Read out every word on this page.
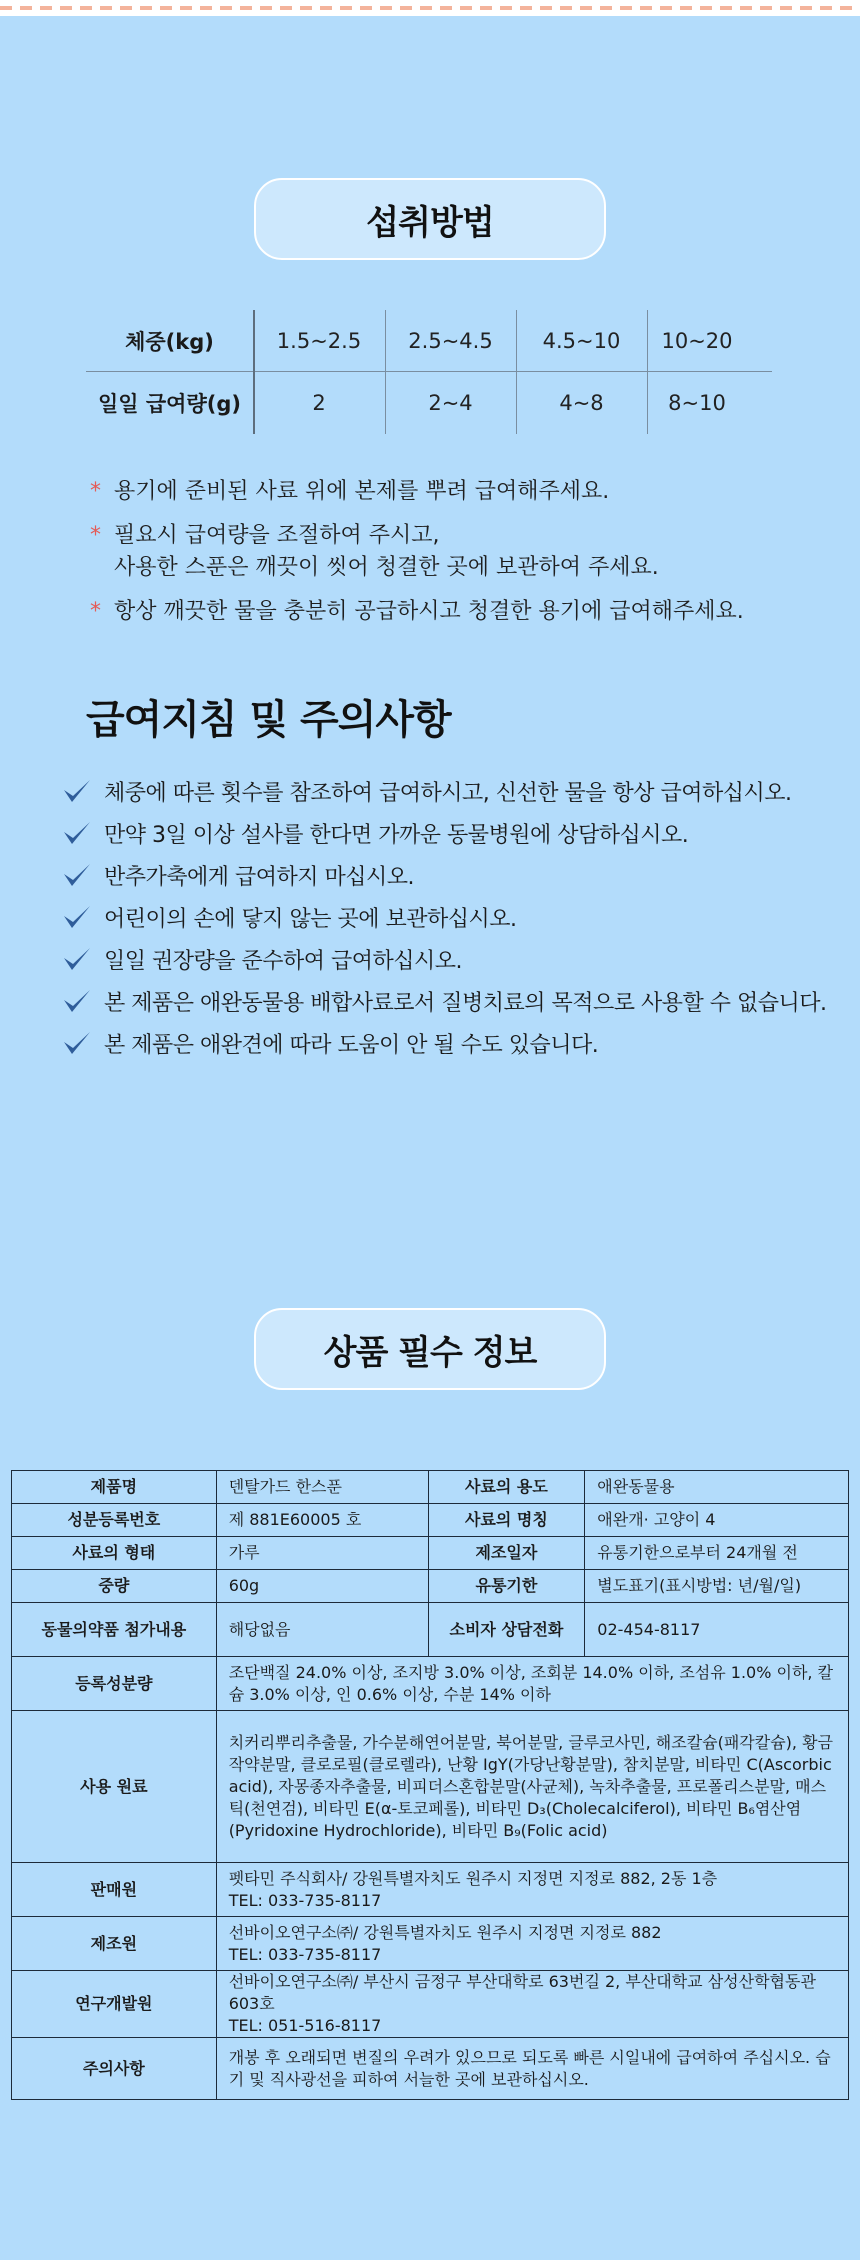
섭취방법
체중(kg)	1.5~2.5	2.5~4.5	4.5~10	10~20
일일 급여량(g)	2	2~4	4~8	8~10
* 용기에 준비된 사료 위에 본제를 뿌려 급여해주세요.
* 필요시 급여량을 조절하여 주시고,
사용한 스푼은 깨끗이 씻어 청결한 곳에 보관하여 주세요.
* 항상 깨끗한 물을 충분히 공급하시고 청결한 용기에 급여해주세요.
급여지침 및 주의사항
체중에 따른 횟수를 참조하여 급여하시고, 신선한 물을 항상 급여하십시오.
만약 3일 이상 설사를 한다면 가까운 동물병원에 상담하십시오.
반추가축에게 급여하지 마십시오.
어린이의 손에 닿지 않는 곳에 보관하십시오.
일일 권장량을 준수하여 급여하십시오.
본 제품은 애완동물용 배합사료로서 질병치료의 목적으로 사용할 수 없습니다.
본 제품은 애완견에 따라 도움이 안 될 수도 있습니다.
상품 필수 정보
제품명	덴탈가드 한스푼	사료의 용도	애완동물용
성분등록번호	제 881E60005 호	사료의 명칭	애완개· 고양이 4
사료의 형태	가루	제조일자	유통기한으로부터 24개월 전
중량	60g	유통기한	별도표기(표시방법: 년/월/일)
동물의약품 첨가내용	해당없음	소비자 상담전화	02-454-8117
등록성분량	조단백질 24.0% 이상, 조지방 3.0% 이상, 조회분 14.0% 이하, 조섬유 1.0% 이하, 칼슘 3.0% 이상, 인 0.6% 이상, 수분 14% 이하		
사용 원료	치커리뿌리추출물, 가수분해연어분말, 북어분말, 글루코사민, 해조칼슘(패각칼슘), 황금작약분말, 클로로필(클로렐라), 난황 IgY(가당난황분말), 참치분말, 비타민 C(Ascorbic acid), 자몽종자추출물, 비피더스혼합분말(사균체), 녹차추출물, 프로폴리스분말, 매스틱(천연검), 비타민 E(α-토코페롤), 비타민 D₃(Cholecalciferol), 비타민 B₆염산염(Pyridoxine Hydrochloride), 비타민 B₉(Folic acid)		
판매원	펫타민 주식회사/ 강원특별자치도 원주시 지정면 지정로 882, 2동 1층
TEL: 033-735-8117		

제조원	선바이오연구소㈜/ 강원특별자치도 원주시 지정면 지정로 882
TEL: 033-735-8117		

연구개발원	선바이오연구소㈜/ 부산시 금정구 부산대학로 63번길 2, 부산대학교 삼성산학협동관 603호
TEL: 051-516-8117		

주의사항	개봉 후 오래되면 변질의 우려가 있으므로 되도록 빠른 시일내에 급여하여 주십시오. 습기 및 직사광선을 피하여 서늘한 곳에 보관하십시오.		
